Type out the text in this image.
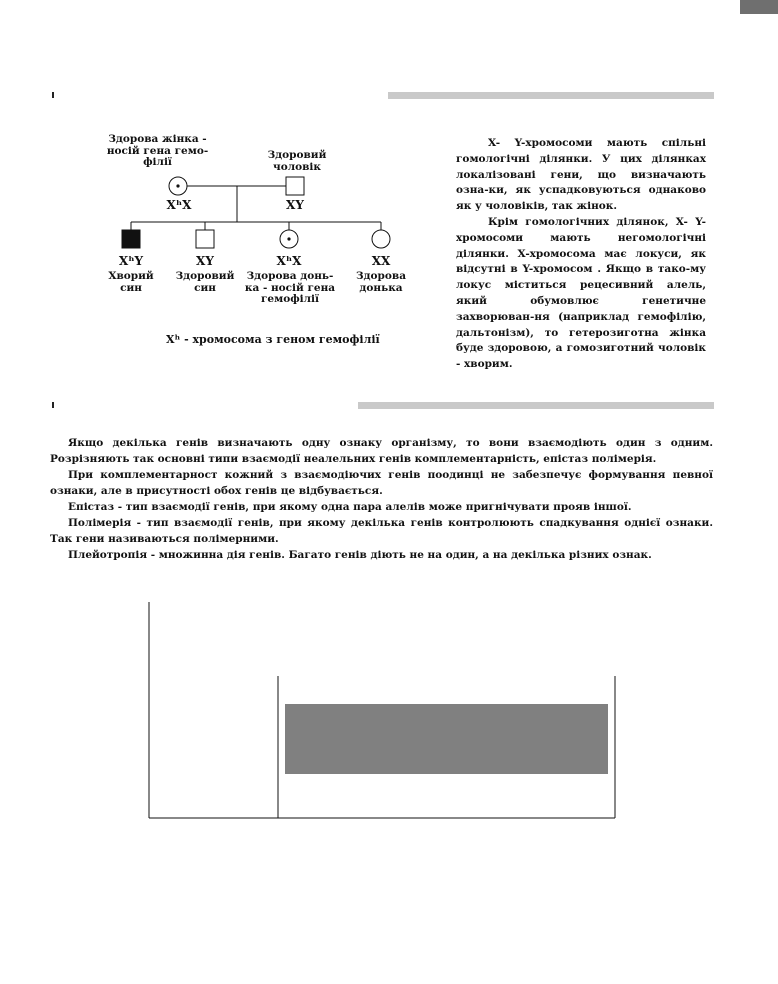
Здорова жінка -
носій гена гемо-
філії
Здоровий
чоловік
XʰX	XY
XʰY	XY	XʰX	XX
Хворий
син
Здоровий
син
Здорова донь-
ка - носій гена
гемофілії
Здорова
донька
Xʰ - хромосома з геном гемофілії

X- Y-хромосоми мають спільні гомологічні ділянки. У цих ділянках локалізовані гени, що визначають озна-ки, як успадковуються однаково як у чоловіків, так жінок.

Крім гомологічних ділянок, X- Y-хромосоми мають негомологічні ділянки. X-хромосома має локуси, як відсутні в Y-хромосом . Якщо в тако-му локус міститься рецесивний алель, який обумовлює генетичне захворюван-ня (наприклад гемофілію, дальтонізм), то гетерозиготна жінка буде здоровою, а гомозиготний чоловік - хворим.

Якщо декілька генів визначають одну ознаку організму, то вони взаємодіють один з одним. Розрізняють так основні типи взаємодії неалельних генів комплементарність, епістаз полімерія.

При комплементарност кожний з взаємодіючих генів поодинці не забезпечує формування певної ознаки, але в присутності обох генів це відбувається.

Епістаз - тип взаємодії генів, при якому одна пара алелів може пригнічувати прояв іншої.

Полімерія - тип взаємодії генів, при якому декілька генів контролюють спадкування однієї ознаки. Так гени називаються полімерними.

Плейотропія - множинна дія генів. Багато генів діють не на один, а на декілька різних ознак.
